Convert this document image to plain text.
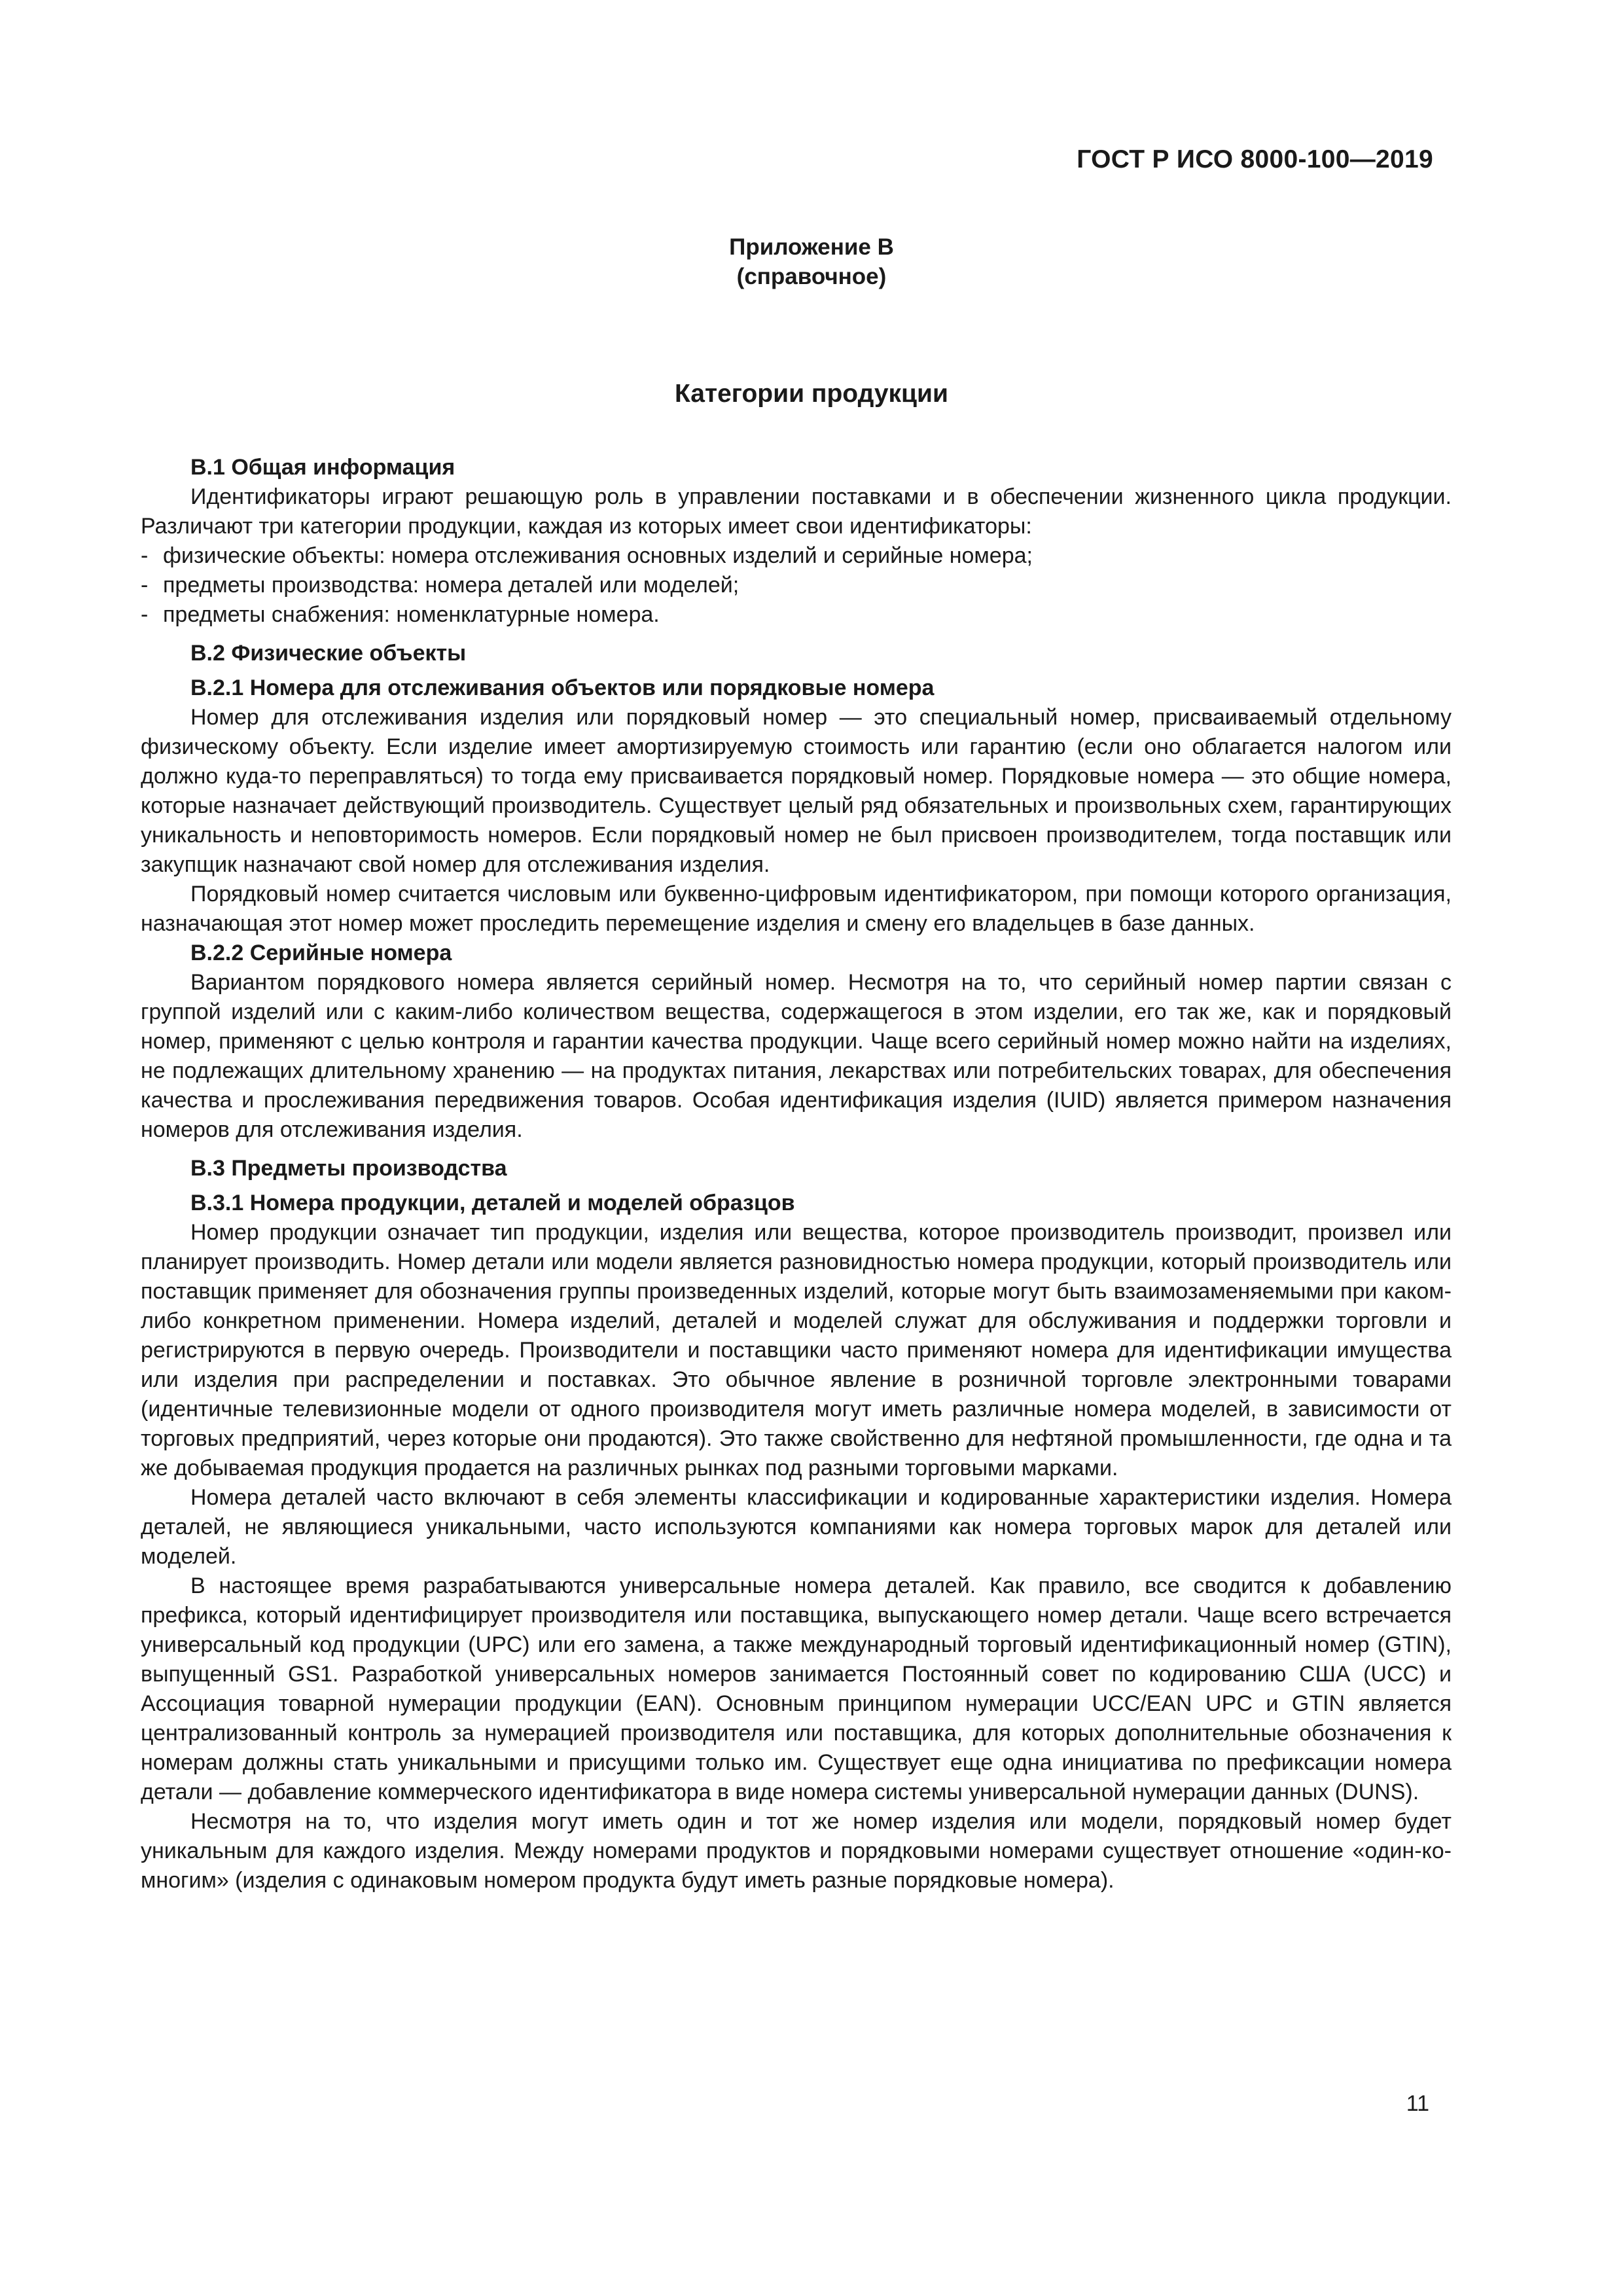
ГОСТ Р ИСО 8000-100—2019
Приложение В
(справочное)
Категории продукции
В.1 Общая информация

Идентификаторы играют решающую роль в управлении поставками и в обеспечении жизненного цикла продукции. Различают три категории продукции, каждая из которых имеет свои идентификаторы:

- физические объекты: номера отслеживания основных изделий и серийные номера;
- предметы производства: номера деталей или моделей;
- предметы снабжения: номенклатурные номера.
В.2 Физические объекты
В.2.1 Номера для отслеживания объектов или порядковые номера

Номер для отслеживания изделия или порядковый номер — это специальный номер, присваиваемый отдельному физическому объекту. Если изделие имеет амортизируемую стоимость или гарантию (если оно облагается налогом или должно куда-то переправляться) то тогда ему присваивается порядковый номер. Порядковые номера — это общие номера, которые назначает действующий производитель. Существует целый ряд обязательных и произвольных схем, гарантирующих уникальность и неповторимость номеров. Если порядковый номер не был присвоен производителем, тогда поставщик или закупщик назначают свой номер для отслеживания изделия.

Порядковый номер считается числовым или буквенно-цифровым идентификатором, при помощи которого организация, назначающая этот номер может проследить перемещение изделия и смену его владельцев в базе данных.

В.2.2 Серийные номера

Вариантом порядкового номера является серийный номер. Несмотря на то, что серийный номер партии связан с группой изделий или с каким-либо количеством вещества, содержащегося в этом изделии, его так же, как и порядковый номер, применяют с целью контроля и гарантии качества продукции. Чаще всего серийный номер можно найти на изделиях, не подлежащих длительному хранению — на продуктах питания, лекарствах или потребительских товарах, для обеспечения качества и прослеживания передвижения товаров. Особая идентификация изделия (IUID) является примером назначения номеров для отслеживания изделия.

В.3 Предметы производства
В.3.1 Номера продукции, деталей и моделей образцов

Номер продукции означает тип продукции, изделия или вещества, которое производитель производит, произвел или планирует производить. Номер детали или модели является разновидностью номера продукции, который производитель или поставщик применяет для обозначения группы произведенных изделий, которые могут быть взаимозаменяемыми при каком-либо конкретном применении. Номера изделий, деталей и моделей служат для обслуживания и поддержки торговли и регистрируются в первую очередь. Производители и поставщики часто применяют номера для идентификации имущества или изделия при распределении и поставках. Это обычное явление в розничной торговле электронными товарами (идентичные телевизионные модели от одного производителя могут иметь различные номера моделей, в зависимости от торговых предприятий, через которые они продаются). Это также свойственно для нефтяной промышленности, где одна и та же добываемая продукция продается на различных рынках под разными торговыми марками.

Номера деталей часто включают в себя элементы классификации и кодированные характеристики изделия. Номера деталей, не являющиеся уникальными, часто используются компаниями как номера торговых марок для деталей или моделей.

В настоящее время разрабатываются универсальные номера деталей. Как правило, все сводится к добавлению префикса, который идентифицирует производителя или поставщика, выпускающего номер детали. Чаще всего встречается универсальный код продукции (UPC) или его замена, а также международный торговый идентификационный номер (GTIN), выпущенный GS1. Разработкой универсальных номеров занимается Постоянный совет по кодированию США (UCC) и Ассоциация товарной нумерации продукции (EAN). Основным принципом нумерации UCC/EAN UPC и GTIN является централизованный контроль за нумерацией производителя или поставщика, для которых дополнительные обозначения к номерам должны стать уникальными и присущими только им. Существует еще одна инициатива по префиксации номера детали — добавление коммерческого идентификатора в виде номера системы универсальной нумерации данных (DUNS).

Несмотря на то, что изделия могут иметь один и тот же номер изделия или модели, порядковый номер будет уникальным для каждого изделия. Между номерами продуктов и порядковыми номерами существует отношение «один-ко-многим» (изделия с одинаковым номером продукта будут иметь разные порядковые номера).

11
